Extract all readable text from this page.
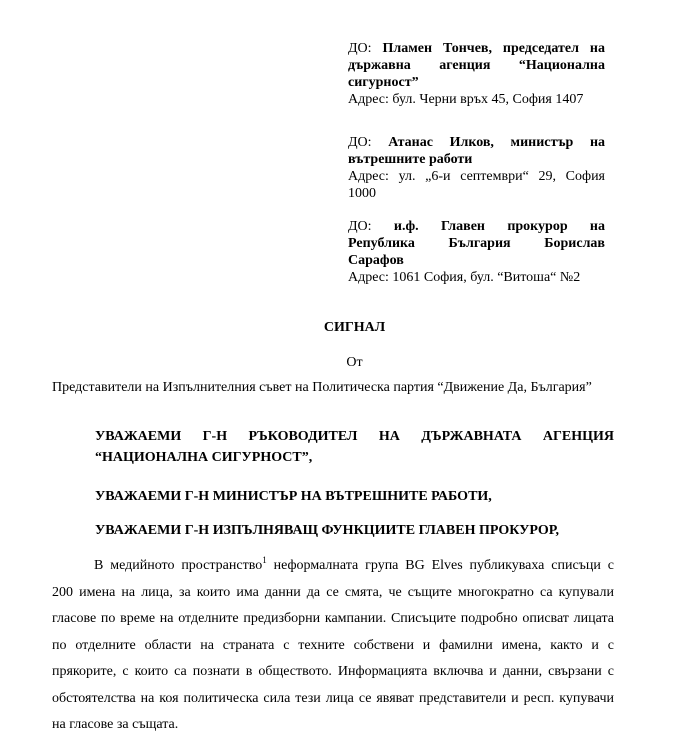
ДО: Пламен Тончев, председател на
държавна агенция “Национална
сигурност”
Адрес: бул. Черни връх 45, София 1407
ДО: Атанас Илков, министър на
вътрешните работи
Адрес: ул. „6-и септември“ 29, София
1000
ДО: и.ф. Главен прокурор на
Република България Борислав
Сарафов
Адрес: 1061 София, бул. “Витоша“ №2
СИГНАЛ
От
Представители на Изпълнителния съвет на Политическа партия “Движение Да, България”
УВАЖАЕМИ Г-Н РЪКОВОДИТЕЛ НА ДЪРЖАВНАТА АГЕНЦИЯ
“НАЦИОНАЛНА СИГУРНОСТ”,
УВАЖАЕМИ Г-Н МИНИСТЪР НА ВЪТРЕШНИТЕ РАБОТИ,
УВАЖАЕМИ Г-Н ИЗПЪЛНЯВАЩ ФУНКЦИИТЕ ГЛАВЕН ПРОКУРОР,
В медийното пространство$^1$ неформалната група BG Elves публикуваха списъци с
200 имена на лица, за които има данни да се смята, че същите многократно са купували
гласове по време на отделните предизборни кампании. Списъците подробно описват лицата
по отделните области на страната с техните собствени и фамилни имена, както и с
прякорите, с които са познати в обществото. Информацията включва и данни, свързани с
обстоятелства на коя политическа сила тези лица се явяват представители и респ. купувачи
на гласове за същата.
